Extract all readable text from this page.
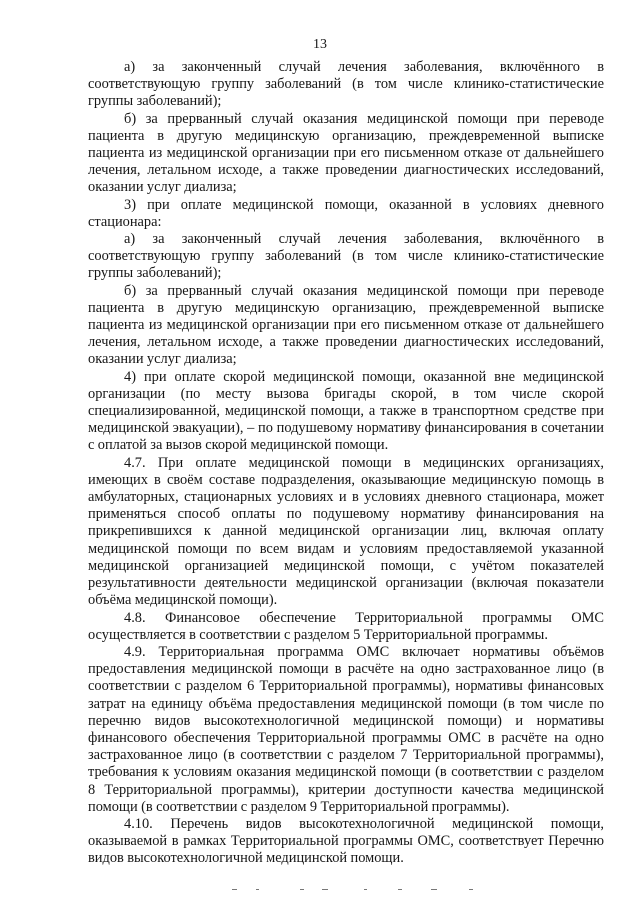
13

а) за законченный случай лечения заболевания, включённого в соответствующую группу заболеваний (в том числе клинико-статистические группы заболеваний);

б) за прерванный случай оказания медицинской помощи при переводе пациента в другую медицинскую организацию, преждевременной выписке пациента из медицинской организации при его письменном отказе от дальнейшего лечения, летальном исходе, а также проведении диагностических исследований, оказании услуг диализа;

3) при оплате медицинской помощи, оказанной в условиях дневного стационара:

а) за законченный случай лечения заболевания, включённого в соответствующую группу заболеваний (в том числе клинико-статистические группы заболеваний);

б) за прерванный случай оказания медицинской помощи при переводе пациента в другую медицинскую организацию, преждевременной выписке пациента из медицинской организации при его письменном отказе от дальнейшего лечения, летальном исходе, а также проведении диагностических исследований, оказании услуг диализа;

4) при оплате скорой медицинской помощи, оказанной вне медицинской организации (по месту вызова бригады скорой, в том числе скорой специализированной, медицинской помощи, а также в транспортном средстве при медицинской эвакуации), – по подушевому нормативу финансирования в сочетании с оплатой за вызов скорой медицинской помощи.

4.7. При оплате медицинской помощи в медицинских организациях, имеющих в своём составе подразделения, оказывающие медицинскую помощь в амбулаторных, стационарных условиях и в условиях дневного стационара, может применяться способ оплаты по подушевому нормативу финансирования на прикрепившихся к данной медицинской организации лиц, включая оплату медицинской помощи по всем видам и условиям предоставляемой указанной медицинской организацией медицинской помощи, с учётом показателей результативности деятельности медицинской организации (включая показатели объёма медицинской помощи).

4.8. Финансовое обеспечение Территориальной программы ОМС осуществляется в соответствии с разделом 5 Территориальной программы.

4.9. Территориальная программа ОМС включает нормативы объёмов предоставления медицинской помощи в расчёте на одно застрахованное лицо (в соответствии с разделом 6 Территориальной программы), нормативы финансовых затрат на единицу объёма предоставления медицинской помощи (в том числе по перечню видов высокотехнологичной медицинской помощи) и нормативы финансового обеспечения Территориальной программы ОМС в расчёте на одно застрахованное лицо (в соответствии с разделом 7 Территориальной программы), требования к условиям оказания медицинской помощи (в соответствии с разделом 8 Территориальной программы), критерии доступности качества медицинской помощи (в соответствии с разделом 9 Территориальной программы).

4.10. Перечень видов высокотехнологичной медицинской помощи, оказываемой в рамках Территориальной программы ОМС, соответствует Перечню видов высокотехнологичной медицинской помощи.
